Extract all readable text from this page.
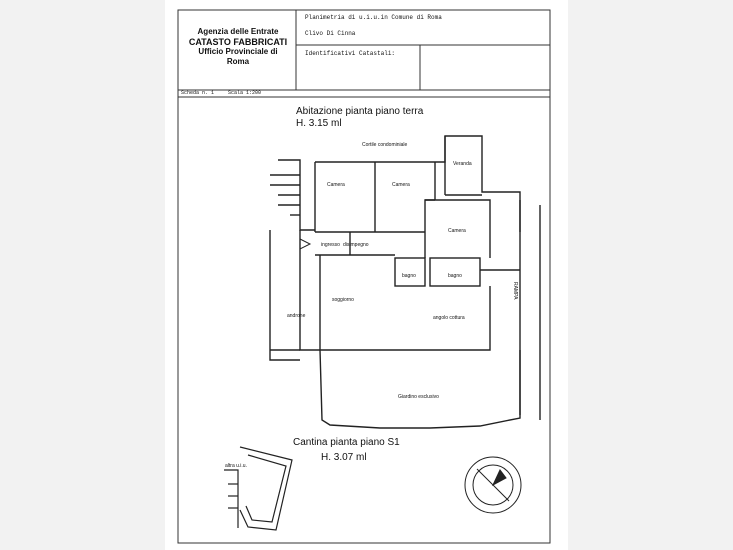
Agenzia delle Entrate
CATASTO FABBRICATI
Ufficio Provinciale di
Roma
Planimetria di u.i.u.in Comune di Roma
Clivo Di Cinna
Identificativi Catastali:
Scheda n. 1	Scala 1:200
Abitazione pianta piano terra
H. 3.15 ml
Cortile condominiale
Veranda
Camera	Camera
Camera
ingresso disimpegno
bagno	bagno
soggiorno
angolo cottura
androne
Giardino esclusivo
RAMPA
Cantina pianta piano S1
H. 3.07 ml
altra u.i.u.
